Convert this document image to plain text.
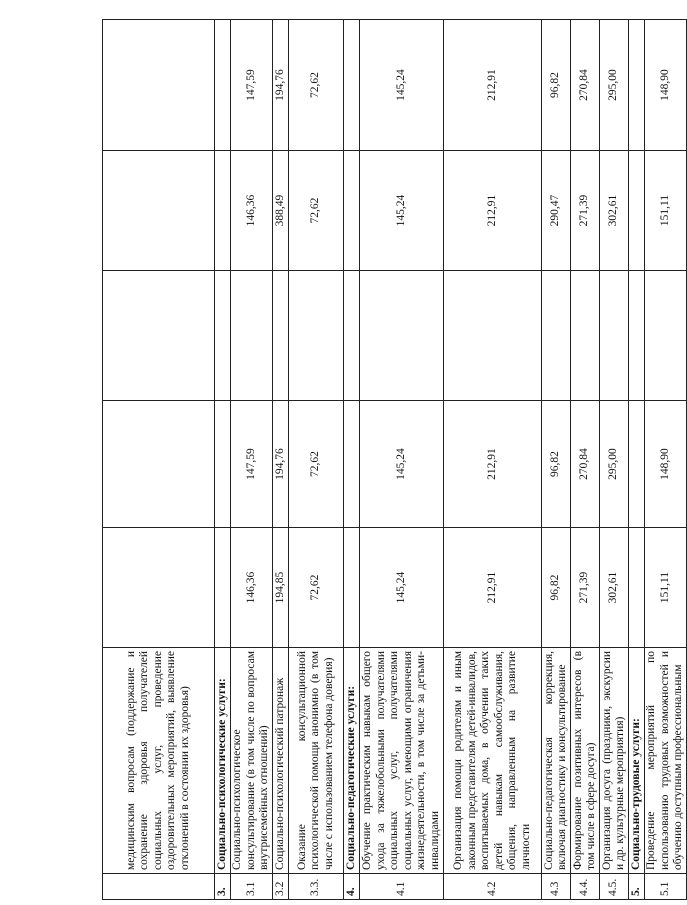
	медицинским вопросам (поддержание и сохранение здоровья получателей социальных услуг, проведение оздоровительных мероприятий, выявление отклонений в состоянии их здоровья)					
3.	Социально-психологические услуги:					
3.1	Социально-психологическое консультирование (в том числе по вопросам внутрисемейных отношений)	146,36	147,59		146,36	147,59
3.2	Социально-психологический патронаж	194,85	194,76		388,49	194,76
3.3.	Оказание консультационной психологической помощи анонимно (в том числе с использованием телефона доверия)	72,62	72,62		72,62	72,62
4.	Социально-педагогические услуги:					
4.1	Обучение практическим навыкам общего ухода за тяжелобольными получателями социальных услуг, получателями социальных услуг, имеющими ограничения жизнедеятельности, в том числе за детьми-инвалидами	145,24	145,24		145,24	145,24
4.2	Организация помощи родителям и иным законным представителям детей-инвалидов, воспитываемых дома, в обучении таких детей навыкам самообслуживания, общения, направленным на развитие личности	212,91	212,91		212,91	212,91
4.3	Социально-педагогическая коррекция, включая диагностику и консультирование	96,82	96,82		290,47	96,82
4.4.	Формирование позитивных интересов (в том числе в сфере досуга)	271,39	270,84		271,39	270,84
4.5.	Организация досуга (праздники, экскурсии и др. культурные мероприятия)	302,61	295,00		302,61	295,00
5.	Социально-трудовые услуги:					
5.1	Проведение мероприятий по использованию трудовых возможностей и обучению доступным профессиональным	151,11	148,90		151,11	148,90
